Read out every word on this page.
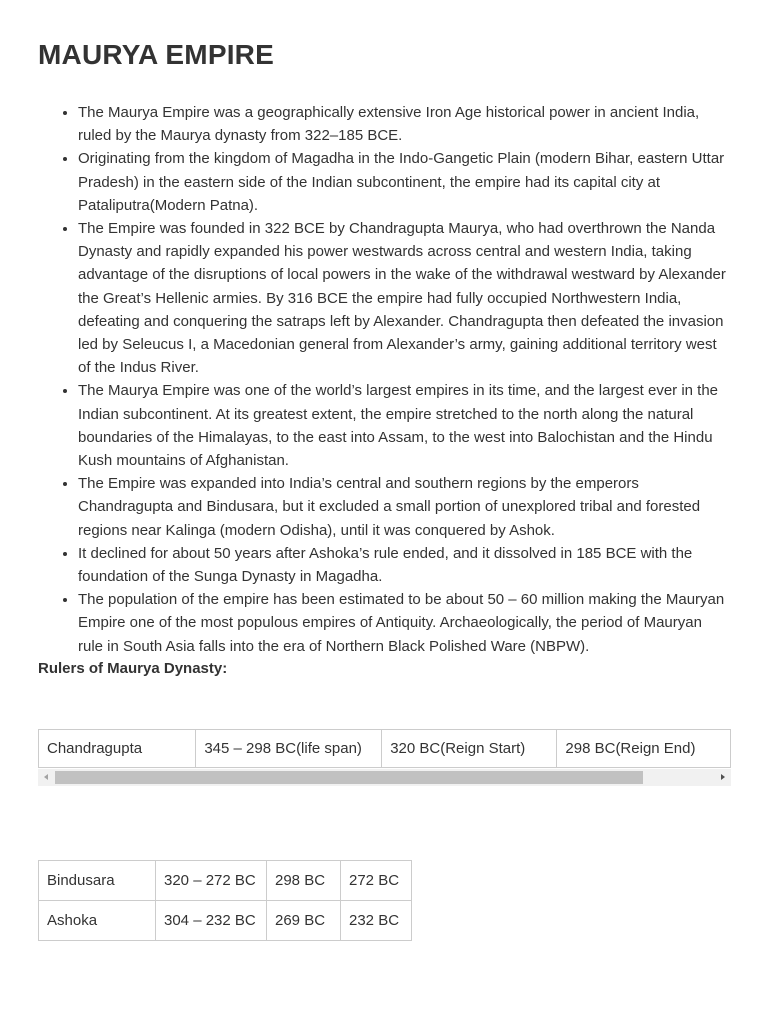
MAURYA EMPIRE
• The Maurya Empire was a geographically extensive Iron Age historical power in ancient India, ruled by the Maurya dynasty from 322–185 BCE.
• Originating from the kingdom of Magadha in the Indo-Gangetic Plain (modern Bihar, eastern Uttar Pradesh) in the eastern side of the Indian subcontinent, the empire had its capital city at Pataliputra(Modern Patna).
• The Empire was founded in 322 BCE by Chandragupta Maurya, who had overthrown the Nanda Dynasty and rapidly expanded his power westwards across central and western India, taking advantage of the disruptions of local powers in the wake of the withdrawal westward by Alexander the Great’s Hellenic armies. By 316 BCE the empire had fully occupied Northwestern India, defeating and conquering the satraps left by Alexander. Chandragupta then defeated the invasion led by Seleucus I, a Macedonian general from Alexander’s army, gaining additional territory west of the Indus River.
• The Maurya Empire was one of the world’s largest empires in its time, and the largest ever in the Indian subcontinent. At its greatest extent, the empire stretched to the north along the natural boundaries of the Himalayas, to the east into Assam, to the west into Balochistan and the Hindu Kush mountains of Afghanistan.
• The Empire was expanded into India’s central and southern regions by the emperors Chandragupta and Bindusara, but it excluded a small portion of unexplored tribal and forested regions near Kalinga (modern Odisha), until it was conquered by Ashok.
• It declined for about 50 years after Ashoka’s rule ended, and it dissolved in 185 BCE with the foundation of the Sunga Dynasty in Magadha.
• The population of the empire has been estimated to be about 50 – 60 million making the Mauryan Empire one of the most populous empires of Antiquity. Archaeologically, the period of Mauryan rule in South Asia falls into the era of Northern Black Polished Ware (NBPW).

Rulers of Maurya Dynasty:

Chandragupta	345 – 298 BC(life span)	320 BC(Reign Start)	298 BC(Reign End)
Bindusara	320 – 272 BC	298 BC	272 BC
Ashoka	304 – 232 BC	269 BC	232 BC
